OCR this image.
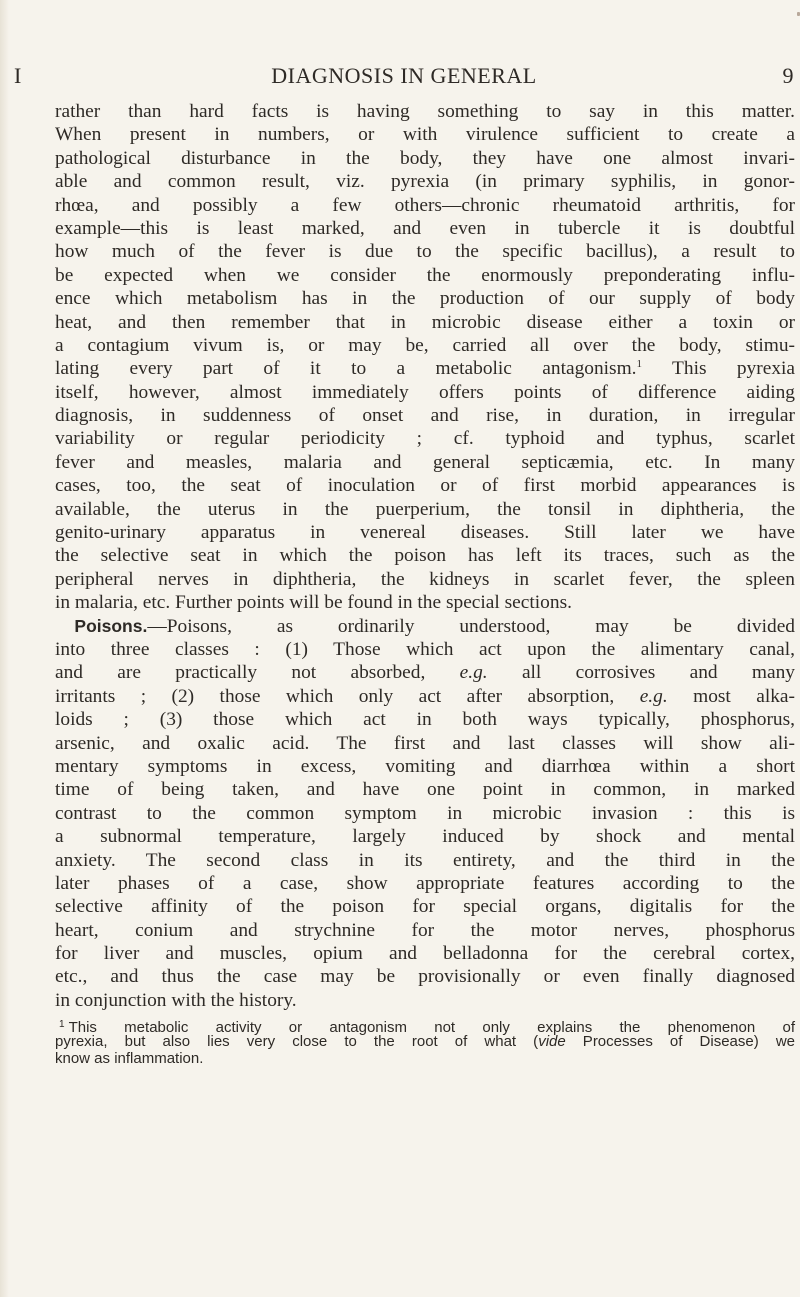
I	DIAGNOSIS IN GENERAL	9
rather than hard facts is having something to say in this matter.
When present in numbers, or with virulence sufficient to create a
pathological disturbance in the body, they have one almost invari-
able and common result, viz. pyrexia (in primary syphilis, in gonor-
rhœa, and possibly a few others—chronic rheumatoid arthritis, for
example—this is least marked, and even in tubercle it is doubtful
how much of the fever is due to the specific bacillus), a result to
be expected when we consider the enormously preponderating influ-
ence which metabolism has in the production of our supply of body
heat, and then remember that in microbic disease either a toxin or
a contagium vivum is, or may be, carried all over the body, stimu-
lating every part of it to a metabolic antagonism.$^1$ This pyrexia
itself, however, almost immediately offers points of difference aiding
diagnosis, in suddenness of onset and rise, in duration, in irregular
variability or regular periodicity ; cf. typhoid and typhus, scarlet
fever and measles, malaria and general septicæmia, etc. In many
cases, too, the seat of inoculation or of first morbid appearances is
available, the uterus in the puerperium, the tonsil in diphtheria, the
genito-urinary apparatus in venereal diseases. Still later we have
the selective seat in which the poison has left its traces, such as the
peripheral nerves in diphtheria, the kidneys in scarlet fever, the spleen
in malaria, etc. Further points will be found in the special sections.
 Poisons.—Poisons, as ordinarily understood, may be divided
into three classes : (1) Those which act upon the alimentary canal,
and are practically not absorbed, e.g. all corrosives and many
irritants ; (2) those which only act after absorption, e.g. most alka-
loids ; (3) those which act in both ways typically, phosphorus,
arsenic, and oxalic acid. The first and last classes will show ali-
mentary symptoms in excess, vomiting and diarrhœa within a short
time of being taken, and have one point in common, in marked
contrast to the common symptom in microbic invasion : this is
a subnormal temperature, largely induced by shock and mental
anxiety. The second class in its entirety, and the third in the
later phases of a case, show appropriate features according to the
selective affinity of the poison for special organs, digitalis for the
heart, conium and strychnine for the motor nerves, phosphorus
for liver and muscles, opium and belladonna for the cerebral cortex,
etc., and thus the case may be provisionally or even finally diagnosed
in conjunction with the history.
$^1$ This metabolic activity or antagonism not only explains the phenomenon of
pyrexia, but also lies very close to the root of what (vide Processes of Disease) we
know as inflammation.
